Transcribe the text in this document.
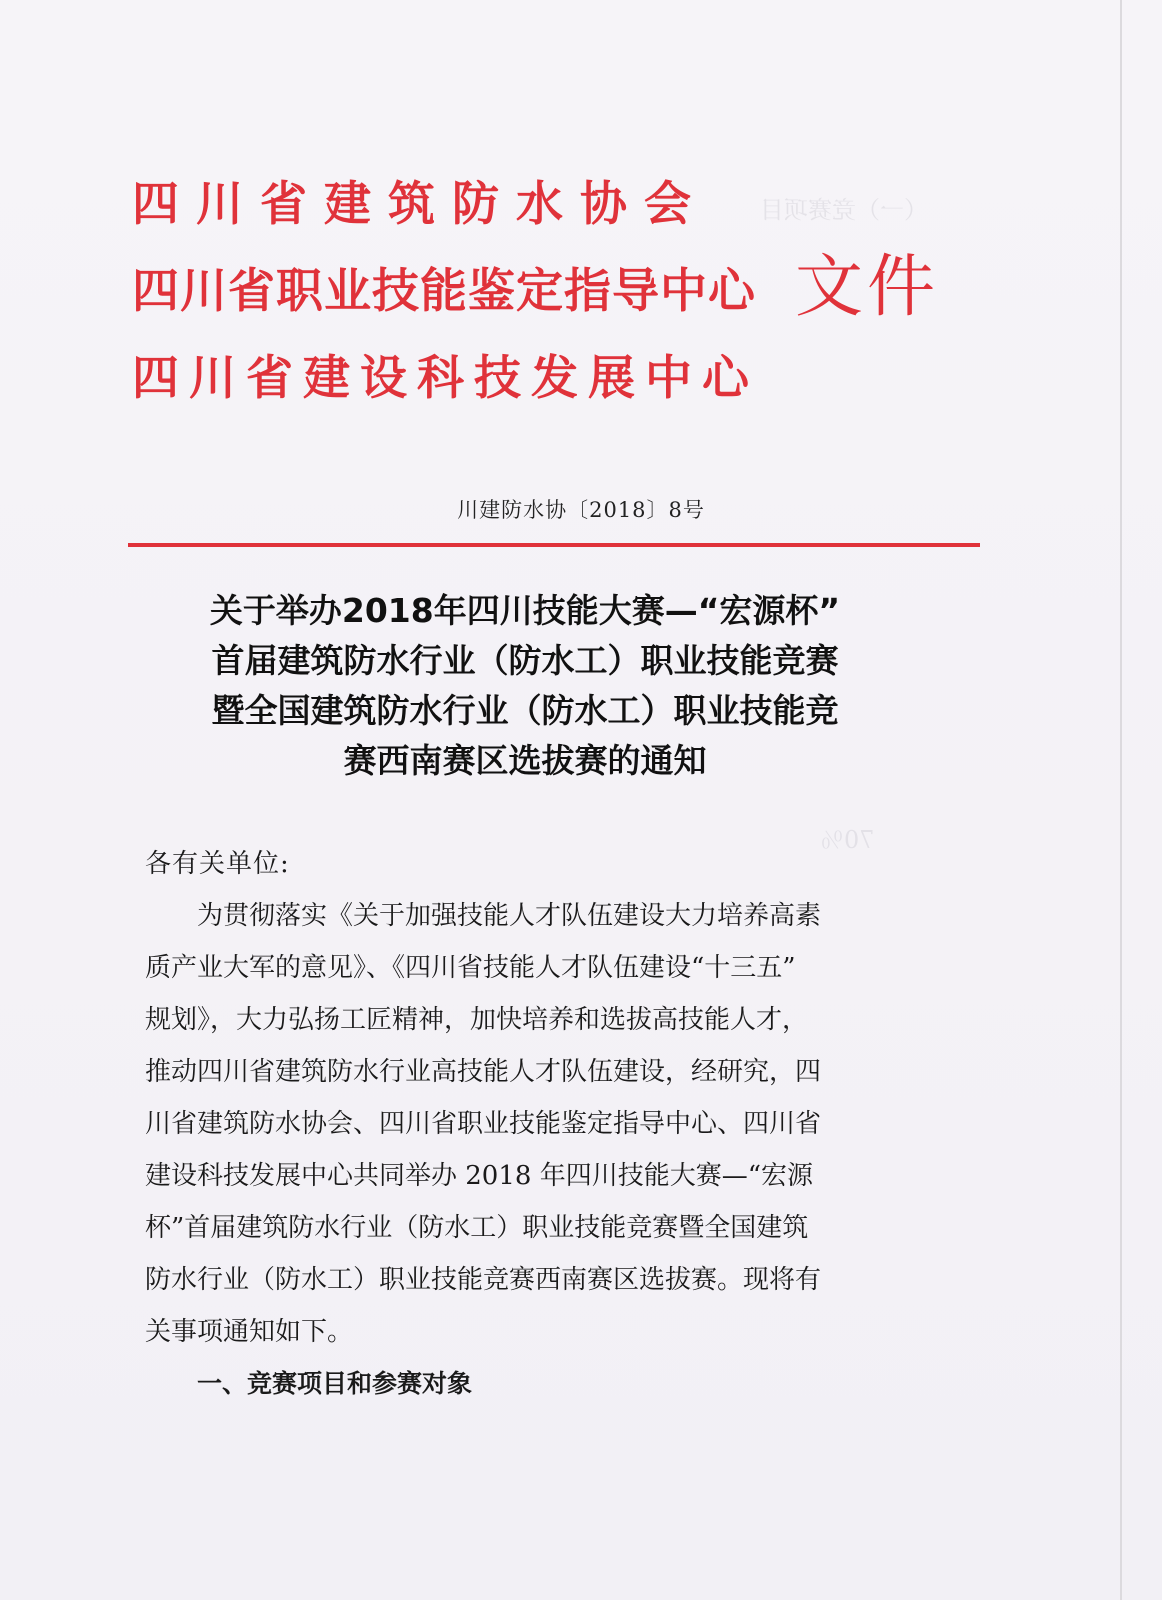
（一）竞赛项目
70％
四川省建筑防水协会
四川省职业技能鉴定指导中心
四川省建设科技发展中心
文件
川建防水协〔2018〕8号
关于举办2018年四川技能大赛—“宏源杯”
首届建筑防水行业（防水工）职业技能竞赛
暨全国建筑防水行业（防水工）职业技能竞
赛西南赛区选拔赛的通知
各有关单位:
为贯彻落实《关于加强技能人才队伍建设大力培养高素
质产业大军的意见》、《四川省技能人才队伍建设“十三五”
规划》，大力弘扬工匠精神，加快培养和选拔高技能人才，
推动四川省建筑防水行业高技能人才队伍建设，经研究，四
川省建筑防水协会、四川省职业技能鉴定指导中心、四川省
建设科技发展中心共同举办 2018 年四川技能大赛—“宏源
杯”首届建筑防水行业（防水工）职业技能竞赛暨全国建筑
防水行业（防水工）职业技能竞赛西南赛区选拔赛。现将有
关事项通知如下。
一、竞赛项目和参赛对象
